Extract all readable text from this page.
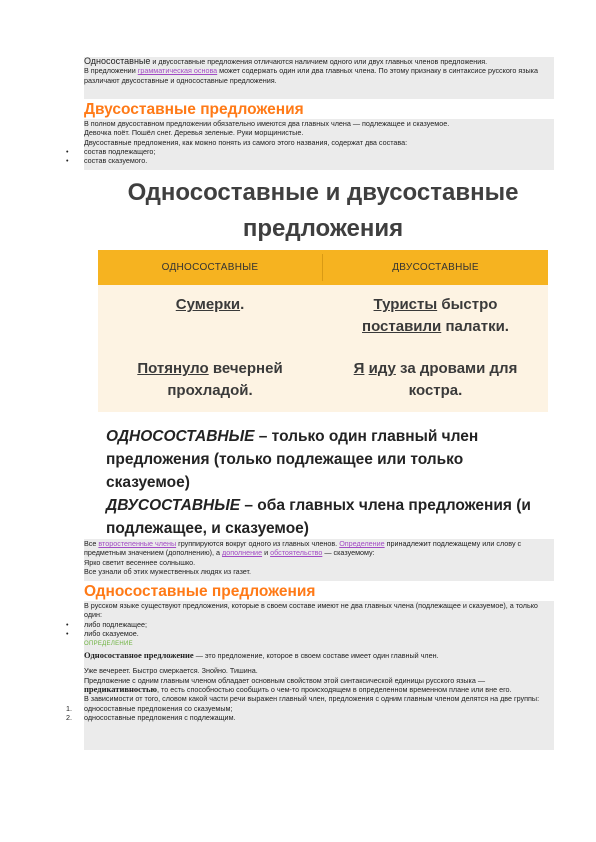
Односоставные и двусоставные предложения отличаются наличием одного или двух главных членов предложения.

В предложении грамматическая основа может содержать один или два главных члена. По этому признаку в синтаксисе русского языка различают двусоставные и односоставные предложения.

Двусоставные предложения

В полном двусоставном предложении обязательно имеются два главных члена — подлежащее и сказуемое.

Девочка поёт. Пошёл снег. Деревья зеленые. Руки морщинистые.

Двусоставные предложения, как можно понять из самого этого названия, содержат два состава:

• состав подлежащего;
• состав сказуемого.
Односоставные и двусоставные
предложения
ОДНОСОСТАВНЫЕ	ДВУСОСТАВНЫЕ
Сумерки.	Туристы быстро
поставили палатки.
Потянуло вечерней
прохладой.
Я иду за дровами для
костра.
ОДНОСОСТАВНЫЕ – только один главный член предложения (только подлежащее или только сказуемое)
ДВУСОСТАВНЫЕ – оба главных члена предложения (и подлежащее, и сказуемое)

Все второстепенные члены группируются вокруг одного из главных членов. Определение принадлежит подлежащему или слову с предметным значением (дополнению), а дополнение и обстоятельство — сказуемому:

Ярко светит весеннее солнышко.

Все узнали об этих мужественных людях из газет.

Односоставные предложения

В русском языке существуют предложения, которые в своем составе имеют не два главных члена (подлежащее и сказуемое), а только один:

• либо подлежащее;
• либо сказуемое.

ОПРЕДЕЛЕНИЕ

Односоставное предложение — это предложение, которое в своем составе имеет один главный член.

Уже вечереет. Быстро смеркается. Знойно. Тишина.

Предложение с одним главным членом обладает основным свойством этой синтаксической единицы русского языка — предикативностью, то есть способностью сообщить о чем-то происходящем в определенном временном плане или вне его.

В зависимости от того, словом какой части речи выражен главный член, предложения с одним главным членом делятся на две группы:

1. односоставные предложения со сказуемым;
2. односоставные предложения с подлежащим.
